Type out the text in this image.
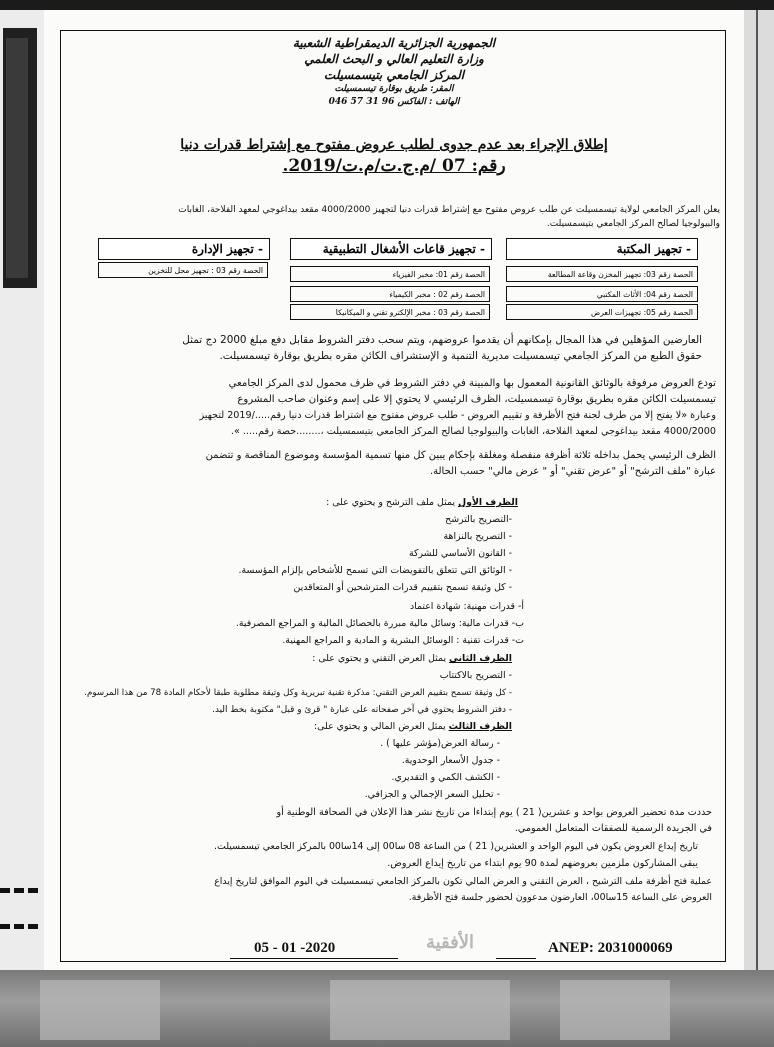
الجمهورية الجزائرية الديمقراطية الشعبية
وزارة التعليم العالي و البحث العلمي
المركز الجامعي بتيسمسيلت
المقر: طريق بوقارة تيسمسيلت
الهاتف : الفاكس 96 31 57 046
إطلاق الإجراء بعد عدم جدوى لطلب عروض مفتوح مع إشتراط قدرات دنيا
رقم: 07 /م.ج.ت/م.ت/2019.
يعلن المركز الجامعي لولاية تيسمسيلت عن طلب عروض مفتوح مع إشتراط قدرات دنيا لتجهيز 4000/2000 مقعد بيداغوجي لمعهد الفلاحة، الغابات
والبيولوجيا لصالح المركز الجامعي بتيسمسيلت.
- تجهيز المكتبة
الحصة رقم 03: تجهيز المخزن وقاعة المطالعة
الحصة رقم 04: الأثاث المكتبي
الحصة رقم 05: تجهيزات العرض
- تجهيز قاعات الأشغال التطبيقية
الحصة رقم 01: مخبر الفيزياء
الحصة رقم 02 : مخبر الكيمياء
الحصة رقم 03 : مخبر الإلكترو تقني و الميكانيكا
- تجهيز الإدارة
الحصة رقم 03 : تجهيز محل للتخزين
العارضين المؤهلين في هذا المجال بإمكانهم أن يقدموا عروضهم، ويتم سحب دفتر الشروط مقابل دفع مبلغ 2000 دج تمثل
حقوق الطبع من المركز الجامعي تيسمسيلت مديرية التنمية و الإستشراف الكائن مقره بطريق بوقارة تيسمسيلت.
تودع العروض مرفوقة بالوثائق القانونية المعمول بها والمبينة في دفتر الشروط في ظرف محمول لدى المركز الجامعي
تيسمسيلت الكائن مقره بطريق بوقارة تيسمسيلت، الظرف الرئيسي لا يحتوي إلا على إسم وعنوان صاحب المشروع
وعبارة «لا يفتح إلا من طرف لجنة فتح الأظرفة و تقييم العروض - طلب عروض مفتوح مع اشتراط قدرات دنيا رقم...../2019 لتجهيز
4000/2000 مقعد بيداغوجي لمعهد الفلاحة، الغابات والبيولوجيا لصالح المركز الجامعي بتيسمسيلت ،........حصة رقم..... ».
الظرف الرئيسي يحمل بداخله ثلاثة أظرفة منفصلة ومغلقة بإحكام يبين كل منها تسمية المؤسسة وموضوع المناقصة و تتضمن
عبارة "ملف الترشح" أو "عرض تقني" أو " عرض مالي" حسب الحالة.
الظرف الأول يمثل ملف الترشح و يحتوي على :
-التصريح بالترشح
- التصريح بالنزاهة
- القانون الأساسي للشركة
- الوثائق التي تتعلق بالتفويضات التي تسمح للأشخاص بإلزام المؤسسة.
- كل وثيقة تسمح بتقييم قدرات المترشحين أو المتعاقدين
أ- قدرات مهنية: شهادة اعتماد
ب- قدرات مالية: وسائل مالية مبررة بالحصائل المالية و المراجع المصرفية.
ت- قدرات تقنية : الوسائل البشرية و المادية و المراجع المهنية.
الظرف الثاني يمثل العرض التقني و يحتوي على :
- التصريح بالاكتتاب
- كل وثيقة تسمح بتقييم العرض التقني: مذكرة تقنية تبريرية وكل وثيقة مطلوبة طبقا لأحكام المادة 78 من هذا المرسوم.
- دفتر الشروط يحتوي في آخر صفحاته على عبارة " قرئ و قبل" مكتوبة بخط اليد.
الظرف الثالث يمثل العرض المالي و يحتوي على:
- رسالة العرض(مؤشر عليها ) .
- جدول الأسعار الوحدوية.
- الكشف الكمي و التقديري.
- تحليل السعر الإجمالي و الجزافي.
حددت مدة تحضير العروض بواحد و عشرين( 21 ) يوم إبتداءا من تاريخ نشر هذا الإعلان في الصحافة الوطنية أو
في الجريدة الرسمية للصفقات المتعامل العمومي.
تاريخ إيداع العروض يكون في اليوم الواحد و العشرين( 21 ) من الساعة 08 سا00 إلى 14سا00 بالمركز الجامعي تيسمسيلت.
يبقى المشاركون ملزمين بعروضهم لمدة 90 يوم ابتداء من تاريخ إيداع العروض.
عملية فتح أظرفة ملف الترشيح ، العرض التقني و العرض المالي تكون بالمركز الجامعي تيسمسيلت في اليوم الموافق لتاريخ إيداع
العروض على الساعة 15سا00، العارضون مدعوون لحضور جلسة فتح الأظرفة.
05 - 01 -2020	الأفقية	ANEP: 2031000069
